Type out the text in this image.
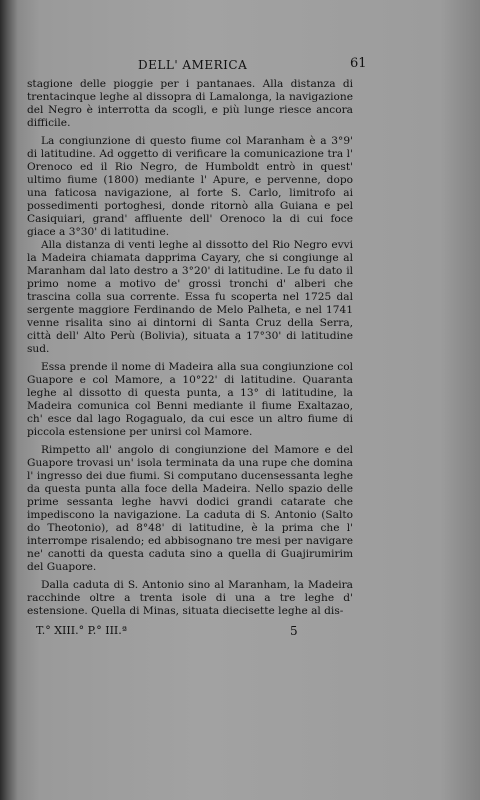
DELL' AMERICA	61

stagione delle pioggie per i pantanaes. Alla distanza di trentacinque leghe al dissopra di Lamalonga, la navigazione del Negro è interrotta da scogli, e più lunge riesce ancora difficile.

La congiunzione di questo fiume col Maranham è a 3°9' di latitudine. Ad oggetto di verificare la comunicazione tra l' Orenoco ed il Rio Negro, de Humboldt entrò in quest' ultimo fiume (1800) mediante l' Apure, e pervenne, dopo una faticosa navigazione, al forte S. Carlo, limitrofo ai possedimenti portoghesi, donde ritornò alla Guiana e pel Casiquiari, grand' affluente dell' Orenoco la di cui foce giace a 3°30' di latitudine.

Alla distanza di venti leghe al dissotto del Rio Negro evvi la Madeira chiamata dapprima Cayary, che si congiunge al Maranham dal lato destro a 3°20' di latitudine. Le fu dato il primo nome a motivo de' grossi tronchi d' alberi che trascina colla sua corrente. Essa fu scoperta nel 1725 dal sergente maggiore Ferdinando de Melo Palheta, e nel 1741 venne risalita sino ai dintorni di Santa Cruz della Serra, città dell' Alto Perù (Bolivia), situata a 17°30' di latitudine sud.

Essa prende il nome di Madeira alla sua congiunzione col Guapore e col Mamore, a 10°22' di latitudine. Quaranta leghe al dissotto di questa punta, a 13° di latitudine, la Madeira comunica col Benni mediante il fiume Exaltazao, ch' esce dal lago Rogagualo, da cui esce un altro fiume di piccola estensione per unirsi col Mamore.

Rimpetto all' angolo di congiunzione del Mamore e del Guapore trovasi un' isola terminata da una rupe che domina l' ingresso dei due fiumi. Si computano ducensessanta leghe da questa punta alla foce della Madeira. Nello spazio delle prime sessanta leghe havvi dodici grandi catarate che impediscono la navigazione. La caduta di S. Antonio (Salto do Theotonio), ad 8°48' di latitudine, è la prima che l' interrompe risalendo; ed abbisognano tre mesi per navigare ne' canotti da questa caduta sino a quella di Guajirumirim del Guapore.

Dalla caduta di S. Antonio sino al Maranham, la Madeira racchinde oltre a trenta isole di una a tre leghe d' estensione. Quella di Minas, situata diecisette leghe al dis-

T.° XIII.° P.° III.ª	5
